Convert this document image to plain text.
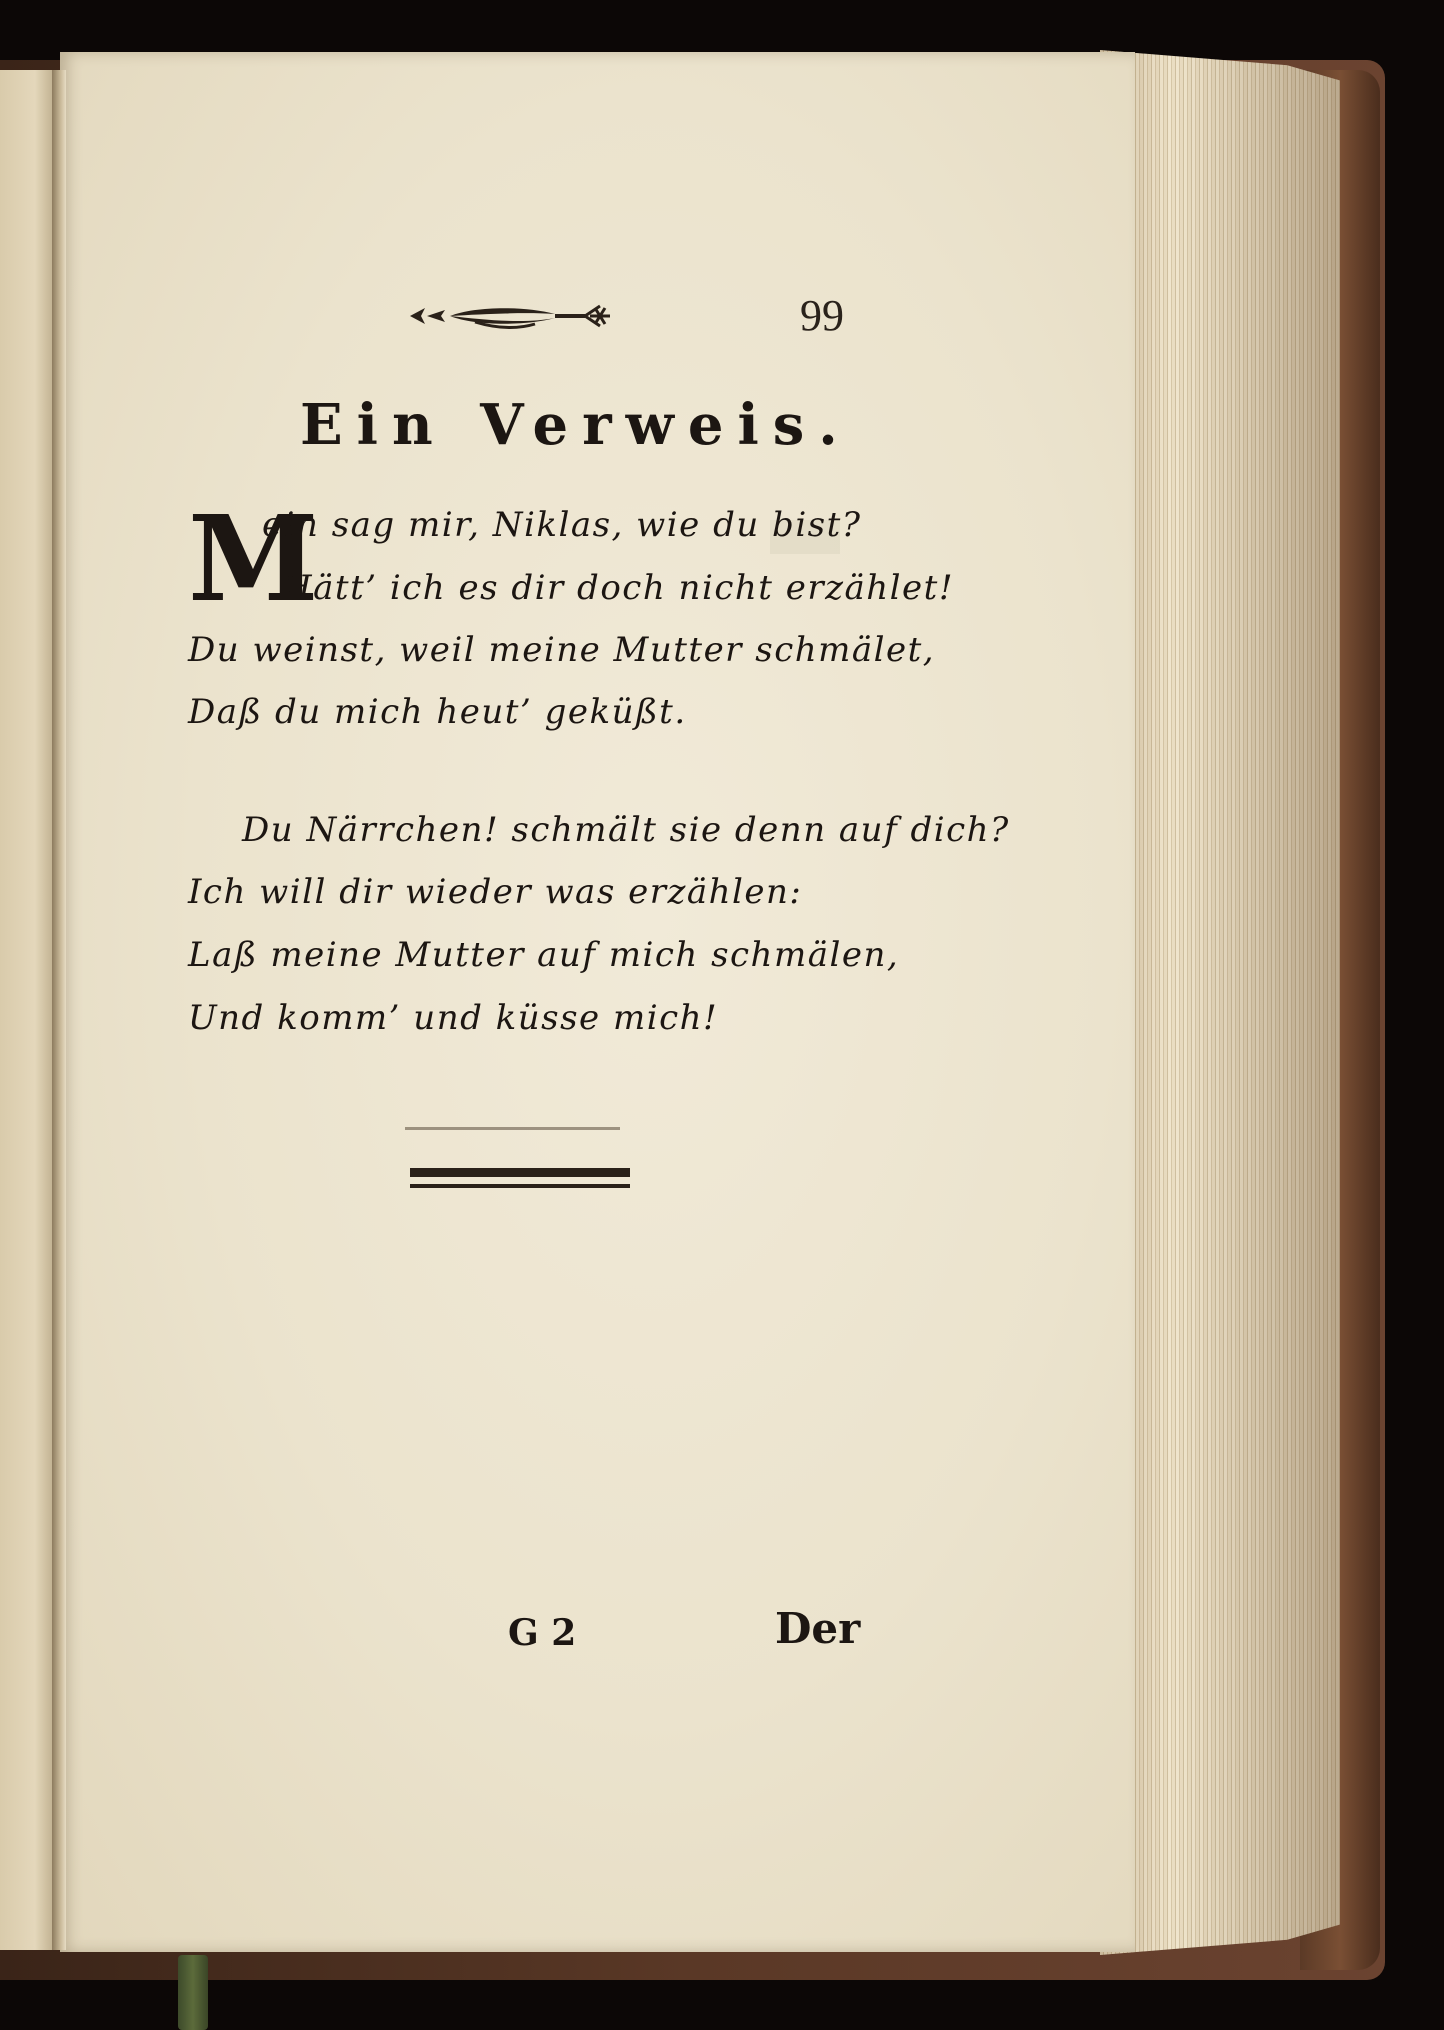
99
Ein Verweis.
M
ein sag mir, Niklas, wie du bist?
Hätt’ ich es dir doch nicht erzählet!
Du weinst, weil meine Mutter schmälet,
Daß du mich heut’ geküßt.
Du Närrchen! schmält sie denn auf dich?
Ich will dir wieder was erzählen:
Laß meine Mutter auf mich schmälen,
Und komm’ und küsse mich!
G 2	Der
